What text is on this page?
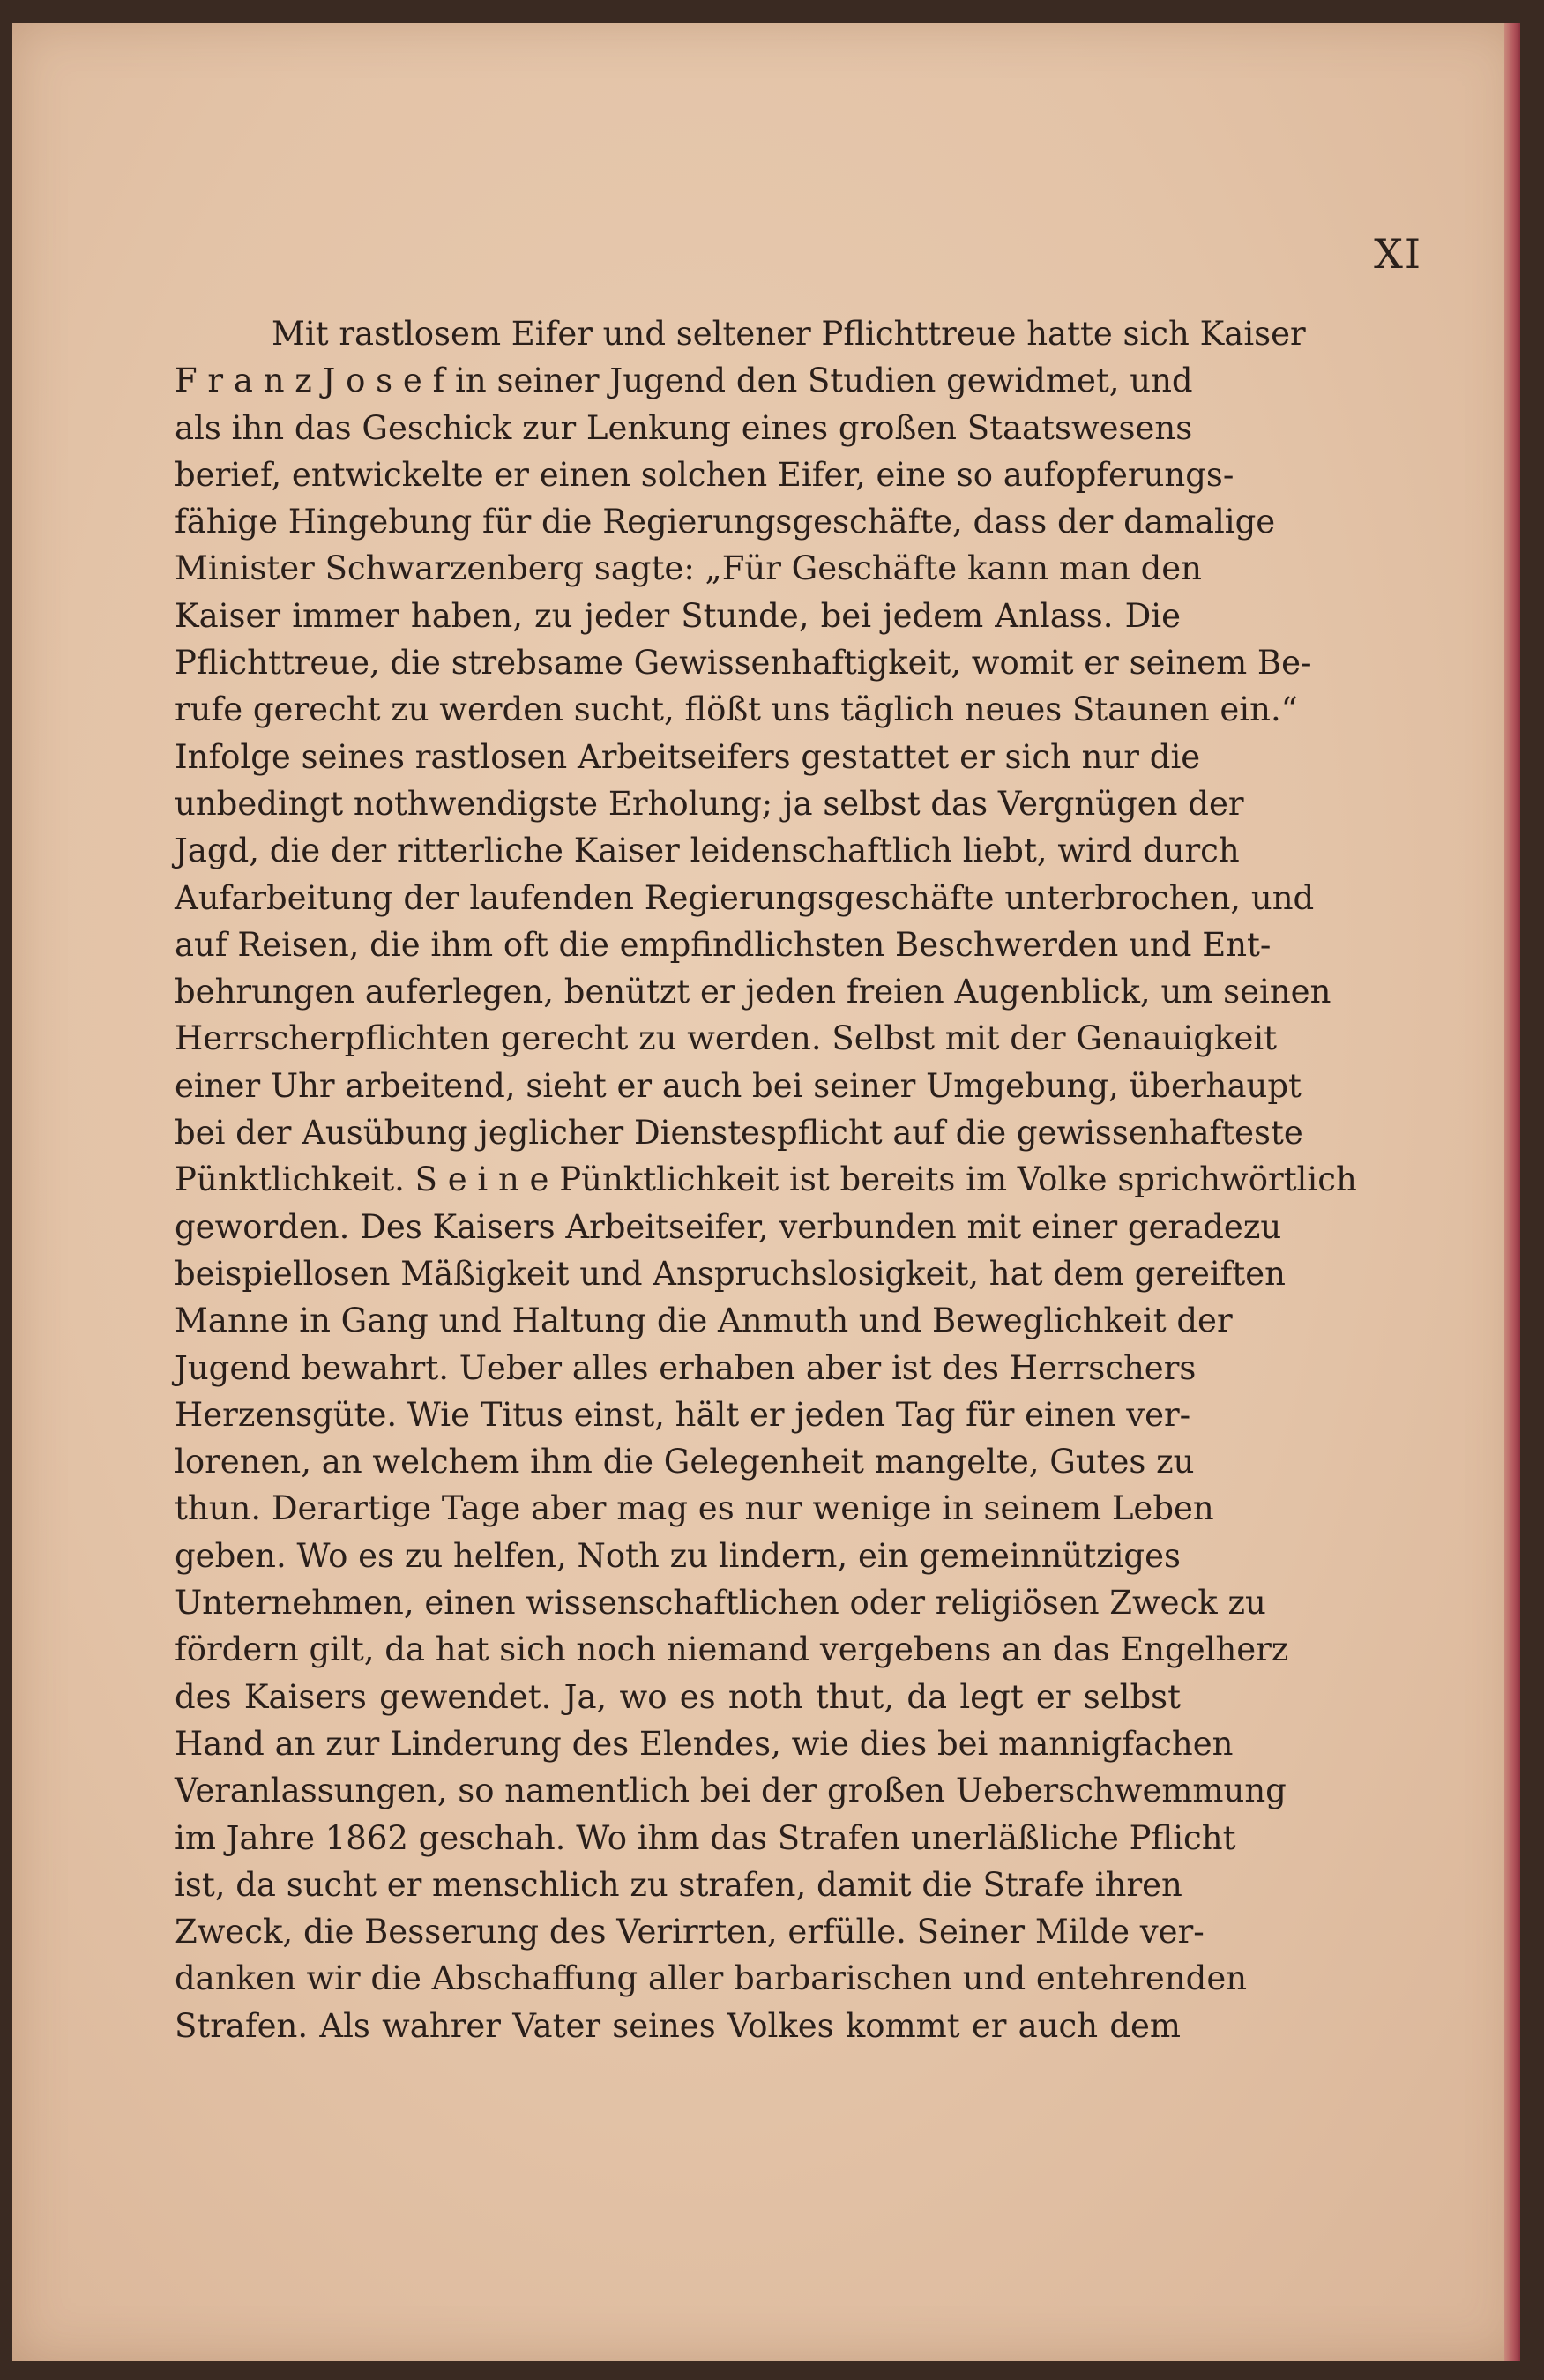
XI
Mit rastlosem Eifer und seltener Pflichttreue hatte sich Kaiser
F r a n z J o s e f in seiner Jugend den Studien gewidmet, und
als ihn das Geschick zur Lenkung eines großen Staatswesens
berief, entwickelte er einen solchen Eifer, eine so aufopferungs-
fähige Hingebung für die Regierungsgeschäfte, dass der damalige
Minister Schwarzenberg sagte: „Für Geschäfte kann man den
Kaiser immer haben, zu jeder Stunde, bei jedem Anlass. Die
Pflichttreue, die strebsame Gewissenhaftigkeit, womit er seinem Be-
rufe gerecht zu werden sucht, flößt uns täglich neues Staunen ein.“
Infolge seines rastlosen Arbeitseifers gestattet er sich nur die
unbedingt nothwendigste Erholung; ja selbst das Vergnügen der
Jagd, die der ritterliche Kaiser leidenschaftlich liebt, wird durch
Aufarbeitung der laufenden Regierungsgeschäfte unterbrochen, und
auf Reisen, die ihm oft die empfindlichsten Beschwerden und Ent-
behrungen auferlegen, benützt er jeden freien Augenblick, um seinen
Herrscherpflichten gerecht zu werden. Selbst mit der Genauigkeit
einer Uhr arbeitend, sieht er auch bei seiner Umgebung, überhaupt
bei der Ausübung jeglicher Dienstespflicht auf die gewissenhafteste
Pünktlichkeit. S e i n e Pünktlichkeit ist bereits im Volke sprichwörtlich
geworden. Des Kaisers Arbeitseifer, verbunden mit einer geradezu
beispiellosen Mäßigkeit und Anspruchslosigkeit, hat dem gereiften
Manne in Gang und Haltung die Anmuth und Beweglichkeit der
Jugend bewahrt. Ueber alles erhaben aber ist des Herrschers
Herzensgüte. Wie Titus einst, hält er jeden Tag für einen ver-
lorenen, an welchem ihm die Gelegenheit mangelte, Gutes zu
thun. Derartige Tage aber mag es nur wenige in seinem Leben
geben. Wo es zu helfen, Noth zu lindern, ein gemeinnütziges
Unternehmen, einen wissenschaftlichen oder religiösen Zweck zu
fördern gilt, da hat sich noch niemand vergebens an das Engelherz
des Kaisers gewendet. Ja, wo es noth thut, da legt er selbst
Hand an zur Linderung des Elendes, wie dies bei mannigfachen
Veranlassungen, so namentlich bei der großen Ueberschwemmung
im Jahre 1862 geschah. Wo ihm das Strafen unerläßliche Pflicht
ist, da sucht er menschlich zu strafen, damit die Strafe ihren
Zweck, die Besserung des Verirrten, erfülle. Seiner Milde ver-
danken wir die Abschaffung aller barbarischen und entehrenden
Strafen. Als wahrer Vater seines Volkes kommt er auch dem
